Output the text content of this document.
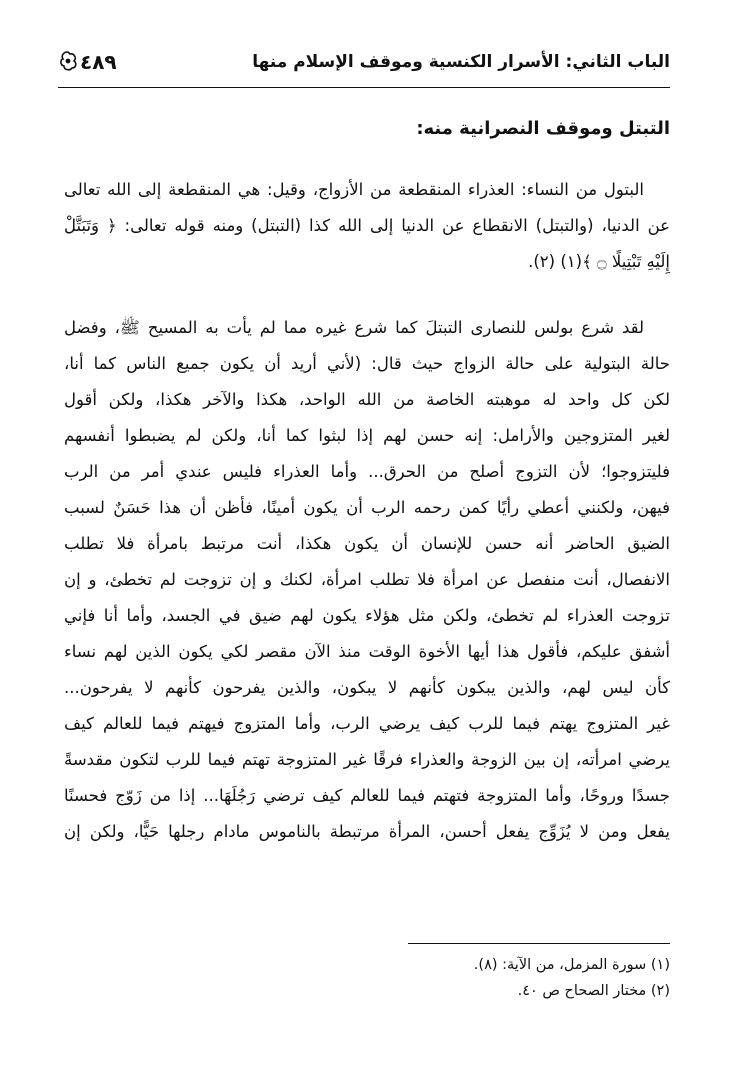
الباب الثاني: الأسرار الكنسية وموقف الإسلام منها
٤٨٩
التبتل وموقف النصرانية منه:
البتول من النساء: العذراء المنقطعة من الأزواج، وقيل: هي المنقطعة إلى الله تعالى
عن الدنيا، (والتبتل) الانقطاع عن الدنيا إلى الله كذا (التبتل) ومنه قوله تعالى: ﴿ وَتَبَتَّلْ
إِلَيْهِ تَبْتِيلًا ۝ ﴾(١) (٢).
لقد شرع بولس للنصارى التبتلَ كما شرع غيره مما لم يأت به المسيح ﷺ، وفضل
حالة البتولية على حالة الزواج حيث قال: (لأني أريد أن يكون جميع الناس كما أنا،
لكن كل واحد له موهبته الخاصة من الله الواحد، هكذا والآخر هكذا، ولكن أقول
لغير المتزوجين والأرامل: إنه حسن لهم إذا لبثوا كما أنا، ولكن لم يضبطوا أنفسهم
فليتزوجوا؛ لأن التزوج أصلح من الحرق... وأما العذراء فليس عندي أمر من الرب
فيهن، ولكنني أعطي رأيًا كمن رحمه الرب أن يكون أمينًا، فأظن أن هذا حَسَنٌ لسبب
الضيق الحاضر أنه حسن للإنسان أن يكون هكذا، أنت مرتبط بامرأة فلا تطلب
الانفصال، أنت منفصل عن امرأة فلا تطلب امرأة، لكنك و إن تزوجت لم تخطئ، و إن
تزوجت العذراء لم تخطئ، ولكن مثل هؤلاء يكون لهم ضيق في الجسد، وأما أنا فإني
أشفق عليكم، فأقول هذا أيها الأخوة الوقت منذ الآن مقصر لكي يكون الذين لهم نساء
كأن ليس لهم، والذين يبكون كأنهم لا يبكون، والذين يفرحون كأنهم لا يفرحون...
غير المتزوج يهتم فيما للرب كيف يرضي الرب، وأما المتزوج فيهتم فيما للعالم كيف
يرضي امرأته، إن بين الزوجة والعذراء فرقًا غير المتزوجة تهتم فيما للرب لتكون مقدسةً
جسدًا وروحًا، وأما المتزوجة فتهتم فيما للعالم كيف ترضي رَجُلَهَا... إذا من زَوّج فحسنًا
يفعل ومن لا يُزَوِّج يفعل أحسن، المرأة مرتبطة بالناموس مادام رجلها حَيًّا، ولكن إن
(١) سورة المزمل، من الآية: (٨).
(٢) مختار الصحاح ص ٤٠.
